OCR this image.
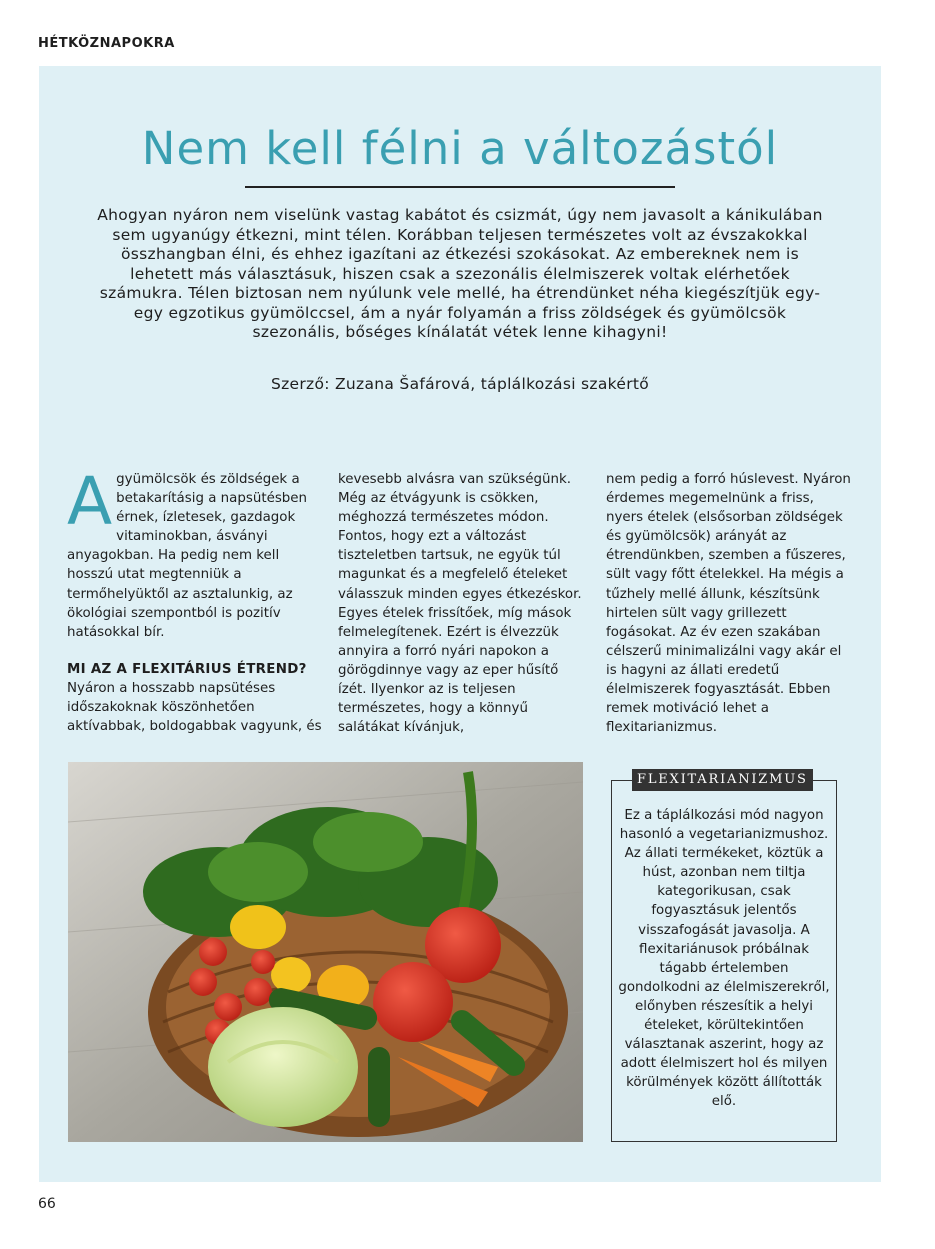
HÉTKÖZNAPOKRA
Nem kell félni a változástól
Ahogyan nyáron nem viselünk vastag kabátot és csizmát, úgy nem javasolt a kánikulában sem ugyanúgy étkezni, mint télen. Korábban teljesen természetes volt az évszakokkal összhangban élni, és ehhez igazítani az étkezési szokásokat. Az embereknek nem is lehetett más választásuk, hiszen csak a szezonális élelmiszerek voltak elérhetőek számukra. Télen biztosan nem nyúlunk vele mellé, ha étrendünket néha kiegészítjük egy-egy egzotikus gyümölccsel, ám a nyár folyamán a friss zöldségek és gyümölcsök szezonális, bőséges kínálatát vétek lenne kihagyni!
Szerző: Zuzana Šafárová, táplálkozási szakértő

A gyümölcsök és zöldségek a betakarításig a napsütésben érnek, ízletesek, gazdagok vitaminokban, ásványi anyagokban. Ha pedig nem kell hosszú utat megtenniük a termőhelyüktől az asztalunkig, az ökológiai szempontból is pozitív hatásokkal bír.

MI AZ A FLEXITÁRIUS ÉTREND?

Nyáron a hosszabb napsütéses időszakoknak köszönhetően aktívabbak, boldogabbak vagyunk, és

kevesebb alvásra van szükségünk. Még az étvágyunk is csökken, méghozzá természetes módon. Fontos, hogy ezt a változást tiszteletben tartsuk, ne együk túl magunkat és a megfelelő ételeket válasszuk minden egyes étkezéskor. Egyes ételek frissítőek, míg mások felmelegítenek. Ezért is élvezzük annyira a forró nyári napokon a görögdinnye vagy az eper hűsítő ízét. Ilyenkor az is teljesen természetes, hogy a könnyű salátákat kívánjuk,

nem pedig a forró húslevest. Nyáron érdemes megemelnünk a friss, nyers ételek (elsősorban zöldségek és gyümölcsök) arányát az étrendünkben, szemben a fűszeres, sült vagy főtt ételekkel. Ha mégis a tűzhely mellé állunk, készítsünk hirtelen sült vagy grillezett fogásokat. Az év ezen szakában célszerű minimalizálni vagy akár el is hagyni az állati eredetű élelmiszerek fogyasztását. Ebben remek motiváció lehet a flexitarianizmus.

FLEXITARIANIZMUS
Ez a táplálkozási mód nagyon hasonló a vegetarianizmushoz. Az állati termékeket, köztük a húst, azonban nem tiltja kategorikusan, csak fogyasztásuk jelentős visszafogását javasolja. A flexitariánusok próbálnak tágabb értelemben gondolkodni az élelmiszerekről, előnyben részesítik a helyi ételeket, körültekintően választanak aszerint, hogy az adott élelmiszert hol és milyen körülmények között állították elő.
66
